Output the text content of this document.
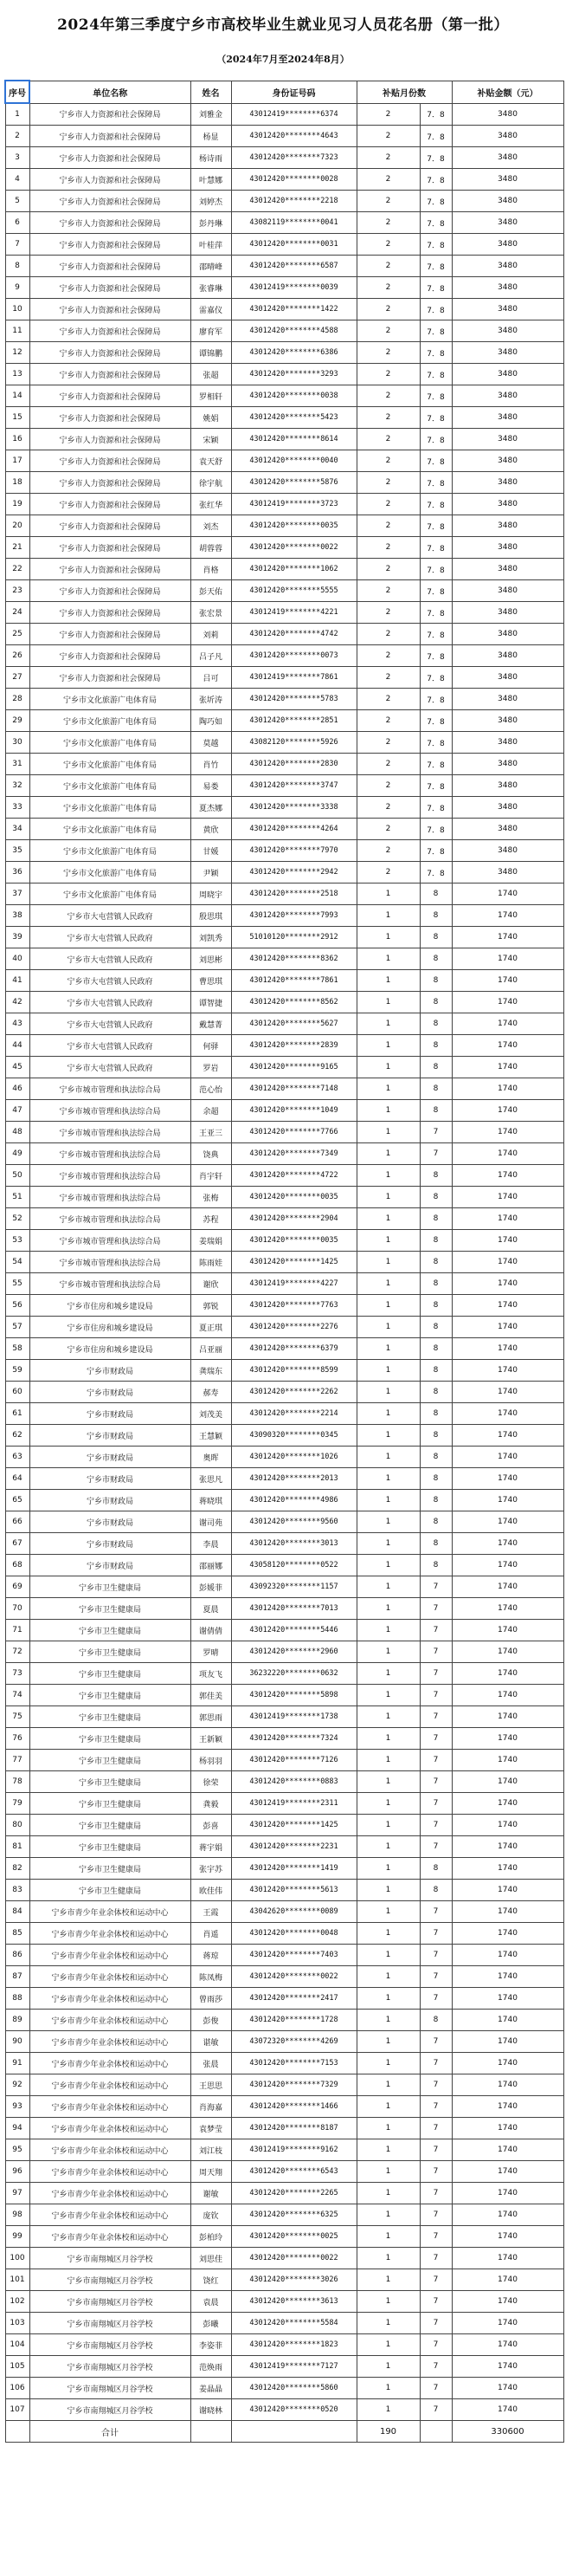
2024年第三季度宁乡市高校毕业生就业见习人员花名册（第一批）
（2024年7月至2024年8月）
序号	单位名称	姓名	身份证号码	补贴月份数		补贴金额（元）
1	宁乡市人力资源和社会保障局	刘雅金	43012419********6374	2	7．8	3480
2	宁乡市人力资源和社会保障局	杨显	43012420********4643	2	7．8	3480
3	宁乡市人力资源和社会保障局	杨诗雨	43012420********7323	2	7．8	3480
4	宁乡市人力资源和社会保障局	叶慧娜	43012420********0028	2	7．8	3480
5	宁乡市人力资源和社会保障局	刘婷杰	43012420********2218	2	7．8	3480
6	宁乡市人力资源和社会保障局	彭丹琳	43082119********0041	2	7．8	3480
7	宁乡市人力资源和社会保障局	叶桂萍	43012420********0031	2	7．8	3480
8	宁乡市人力资源和社会保障局	邵晴峰	43012420********6587	2	7．8	3480
9	宁乡市人力资源和社会保障局	张睿琳	43012419********0039	2	7．8	3480
10	宁乡市人力资源和社会保障局	雷嘉仪	43012420********1422	2	7．8	3480
11	宁乡市人力资源和社会保障局	廖育军	43012420********4588	2	7．8	3480
12	宁乡市人力资源和社会保障局	谭锦鹏	43012420********6386	2	7．8	3480
13	宁乡市人力资源和社会保障局	张超	43012420********3293	2	7．8	3480
14	宁乡市人力资源和社会保障局	罗相轩	43012420********0038	2	7．8	3480
15	宁乡市人力资源和社会保障局	姚娟	43012420********5423	2	7．8	3480
16	宁乡市人力资源和社会保障局	宋颖	43012420********8614	2	7．8	3480
17	宁乡市人力资源和社会保障局	袁天舒	43012420********0040	2	7．8	3480
18	宁乡市人力资源和社会保障局	徐宇航	43012420********5876	2	7．8	3480
19	宁乡市人力资源和社会保障局	张红华	43012419********3723	2	7．8	3480
20	宁乡市人力资源和社会保障局	刘杰	43012420********0035	2	7．8	3480
21	宁乡市人力资源和社会保障局	胡蓉蓉	43012420********0022	2	7．8	3480
22	宁乡市人力资源和社会保障局	肖格	43012420********1062	2	7．8	3480
23	宁乡市人力资源和社会保障局	彭天佑	43012420********5555	2	7．8	3480
24	宁乡市人力资源和社会保障局	张宏景	43012419********4221	2	7．8	3480
25	宁乡市人力资源和社会保障局	刘莉	43012420********4742	2	7．8	3480
26	宁乡市人力资源和社会保障局	吕子凡	43012420********0073	2	7．8	3480
27	宁乡市人力资源和社会保障局	吕可	43012419********7861	2	7．8	3480
28	宁乡市文化旅游广电体育局	张圻涛	43012420********5783	2	7．8	3480
29	宁乡市文化旅游广电体育局	陶巧如	43012420********2851	2	7．8	3480
30	宁乡市文化旅游广电体育局	莫越	43082120********5926	2	7．8	3480
31	宁乡市文化旅游广电体育局	肖竹	43012420********2830	2	7．8	3480
32	宁乡市文化旅游广电体育局	易娄	43012420********3747	2	7．8	3480
33	宁乡市文化旅游广电体育局	夏杰娜	43012420********3338	2	7．8	3480
34	宁乡市文化旅游广电体育局	黄欣	43012420********4264	2	7．8	3480
35	宁乡市文化旅游广电体育局	甘媛	43012420********7970	2	7．8	3480
36	宁乡市文化旅游广电体育局	尹颖	43012420********2942	2	7．8	3480
37	宁乡市文化旅游广电体育局	周晓宇	43012420********2518	1	8	1740
38	宁乡市大屯营镇人民政府	殷思琪	43012420********7993	1	8	1740
39	宁乡市大屯营镇人民政府	刘凯秀	51010120********2912	1	8	1740
40	宁乡市大屯营镇人民政府	刘思彬	43012420********8362	1	8	1740
41	宁乡市大屯营镇人民政府	曹思琪	43012420********7861	1	8	1740
42	宁乡市大屯营镇人民政府	谭智捷	43012420********8562	1	8	1740
43	宁乡市大屯营镇人民政府	戴慧菁	43012420********5627	1	8	1740
44	宁乡市大屯营镇人民政府	何驿	43012420********2839	1	8	1740
45	宁乡市大屯营镇人民政府	罗岩	43012420********9165	1	8	1740
46	宁乡市城市管理和执法综合局	范心怡	43012420********7148	1	8	1740
47	宁乡市城市管理和执法综合局	余超	43012420********1049	1	8	1740
48	宁乡市城市管理和执法综合局	王亚三	43012420********7766	1	7	1740
49	宁乡市城市管理和执法综合局	饶典	43012420********7349	1	7	1740
50	宁乡市城市管理和执法综合局	肖宇轩	43012420********4722	1	8	1740
51	宁乡市城市管理和执法综合局	张梅	43012420********0035	1	8	1740
52	宁乡市城市管理和执法综合局	苏程	43012420********2904	1	8	1740
53	宁乡市城市管理和执法综合局	姜瑞娟	43012420********0035	1	8	1740
54	宁乡市城市管理和执法综合局	陈雨娃	43012420********1425	1	8	1740
55	宁乡市城市管理和执法综合局	谢欣	43012419********4227	1	8	1740
56	宁乡市住房和城乡建设局	郭锐	43012420********7763	1	8	1740
57	宁乡市住房和城乡建设局	夏正琪	43012420********2276	1	8	1740
58	宁乡市住房和城乡建设局	吕亚丽	43012420********6379	1	8	1740
59	宁乡市财政局	龚瑞东	43012420********8599	1	8	1740
60	宁乡市财政局	郝寿	43012420********2262	1	8	1740
61	宁乡市财政局	刘茂美	43012420********2214	1	8	1740
62	宁乡市财政局	王慧颖	43090320********0345	1	8	1740
63	宁乡市财政局	奥晖	43012420********1026	1	8	1740
64	宁乡市财政局	张思凡	43012420********2013	1	8	1740
65	宁乡市财政局	蒋晓琪	43012420********4986	1	8	1740
66	宁乡市财政局	谢司苑	43012420********9560	1	8	1740
67	宁乡市财政局	李晨	43012420********3013	1	8	1740
68	宁乡市财政局	邵丽娜	43058120********0522	1	8	1740
69	宁乡市卫生健康局	彭媛菲	43092320********1157	1	7	1740
70	宁乡市卫生健康局	夏晨	43012420********7013	1	7	1740
71	宁乡市卫生健康局	谢倩倩	43012420********5446	1	7	1740
72	宁乡市卫生健康局	罗晴	43012420********2960	1	7	1740
73	宁乡市卫生健康局	项友飞	36232220********0632	1	7	1740
74	宁乡市卫生健康局	郭佳美	43012420********5898	1	7	1740
75	宁乡市卫生健康局	郭思雨	43012419********1738	1	7	1740
76	宁乡市卫生健康局	王新颖	43012420********7324	1	7	1740
77	宁乡市卫生健康局	杨羽羽	43012420********7126	1	7	1740
78	宁乡市卫生健康局	徐荣	43012420********0883	1	7	1740
79	宁乡市卫生健康局	龚毅	43012419********2311	1	7	1740
80	宁乡市卫生健康局	彭喜	43012420********1425	1	7	1740
81	宁乡市卫生健康局	蒋宇娟	43012420********2231	1	7	1740
82	宁乡市卫生健康局	张宇苏	43012420********1419	1	8	1740
83	宁乡市卫生健康局	欧佳伟	43012420********5613	1	8	1740
84	宁乡市青少年业余体校和运动中心	王霞	43042620********0089	1	7	1740
85	宁乡市青少年业余体校和运动中心	肖遥	43012420********0048	1	7	1740
86	宁乡市青少年业余体校和运动中心	蒋琼	43012420********7403	1	7	1740
87	宁乡市青少年业余体校和运动中心	陈凤梅	43012420********0022	1	7	1740
88	宁乡市青少年业余体校和运动中心	曾雨莎	43012420********2417	1	7	1740
89	宁乡市青少年业余体校和运动中心	彭俊	43012420********1728	1	8	1740
90	宁乡市青少年业余体校和运动中心	谌敏	43072320********4269	1	7	1740
91	宁乡市青少年业余体校和运动中心	张晨	43012420********7153	1	7	1740
92	宁乡市青少年业余体校和运动中心	王思思	43012420********7329	1	7	1740
93	宁乡市青少年业余体校和运动中心	肖海嘉	43012420********1466	1	7	1740
94	宁乡市青少年业余体校和运动中心	袁梦莹	43012420********8187	1	7	1740
95	宁乡市青少年业余体校和运动中心	刘江枝	43012419********9162	1	7	1740
96	宁乡市青少年业余体校和运动中心	周天翔	43012420********6543	1	7	1740
97	宁乡市青少年业余体校和运动中心	谢敏	43012420********2265	1	7	1740
98	宁乡市青少年业余体校和运动中心	庞钦	43012420********6325	1	7	1740
99	宁乡市青少年业余体校和运动中心	彭柏玲	43012420********0025	1	7	1740
100	宁乡市南翔城区月谷学校	刘思佳	43012420********0022	1	7	1740
101	宁乡市南翔城区月谷学校	饶红	43012420********3026	1	7	1740
102	宁乡市南翔城区月谷学校	袁晨	43012420********3613	1	7	1740
103	宁乡市南翔城区月谷学校	彭曦	43012420********5584	1	7	1740
104	宁乡市南翔城区月谷学校	李姿菲	43012420********1823	1	7	1740
105	宁乡市南翔城区月谷学校	范焕雨	43012419********7127	1	7	1740
106	宁乡市南翔城区月谷学校	姜晶晶	43012420********5860	1	7	1740
107	宁乡市南翔城区月谷学校	谢晓林	43012420********0520	1	7	1740
	合计			190		330600
